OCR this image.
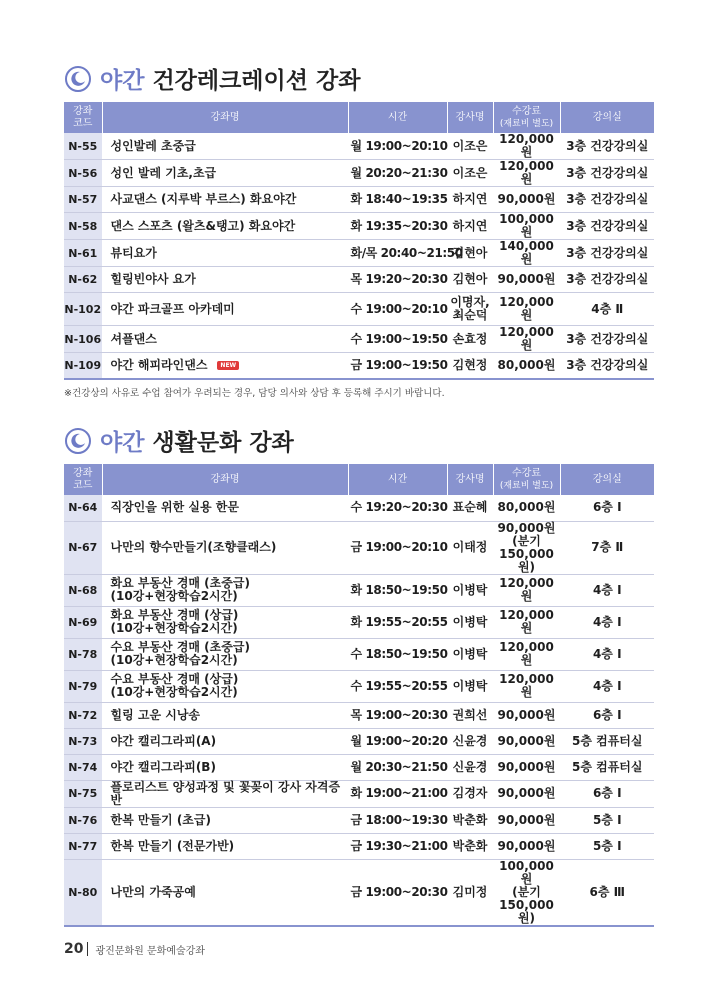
야간 건강레크레이션 강좌
강좌 코드	강좌명	시간	강사명	수강료
(재료비 별도)	강의실
N-55	성인발레 초중급	월 19:00~20:10	이조은	120,000원	3층 건강강의실
N-56	성인 발레 기초,초급	월 20:20~21:30	이조은	120,000원	3층 건강강의실
N-57	사교댄스 (지루박 부르스) 화요야간	화 18:40~19:35	하지연	90,000원	3층 건강강의실
N-58	댄스 스포츠 (왈츠&탱고) 화요야간	화 19:35~20:30	하지연	100,000원	3층 건강강의실
N-61	뷰티요가	화/목 20:40~21:50	김현아	140,000원	3층 건강강의실
N-62	힐링빈야사 요가	목 19:20~20:30	김현아	90,000원	3층 건강강의실
N-102	야간 파크골프 아카데미	수 19:00~20:10	이명자,
최순덕	120,000원	4층 Ⅱ
N-106	셔플댄스	수 19:00~19:50	손효정	120,000원	3층 건강강의실
N-109	야간 해피라인댄스 NEW	금 19:00~19:50	김현정	80,000원	3층 건강강의실
※건강상의 사유로 수업 참여가 우려되는 경우, 담당 의사와 상담 후 등록해 주시기 바랍니다.
야간 생활문화 강좌
강좌 코드	강좌명	시간	강사명	수강료
(재료비 별도)	강의실
N-64	직장인을 위한 실용 한문	수 19:20~20:30	표순혜	80,000원	6층 Ⅰ
N-67	나만의 향수만들기(조향클래스)	금 19:00~20:10	이태정	90,000원
(분기
150,000원)	7층 Ⅱ
N-68	화요 부동산 경매 (초중급)
(10강+현장학습2시간)	화 18:50~19:50	이병탁	120,000원	4층 Ⅰ
N-69	화요 부동산 경매 (상급)
(10강+현장학습2시간)	화 19:55~20:55	이병탁	120,000원	4층 Ⅰ
N-78	수요 부동산 경매 (초중급)
(10강+현장학습2시간)	수 18:50~19:50	이병탁	120,000원	4층 Ⅰ
N-79	수요 부동산 경매 (상급)
(10강+현장학습2시간)	수 19:55~20:55	이병탁	120,000원	4층 Ⅰ
N-72	힐링 고운 시낭송	목 19:00~20:30	권희선	90,000원	6층 Ⅰ
N-73	야간 캘리그라피(A)	월 19:00~20:20	신윤경	90,000원	5층 컴퓨터실
N-74	야간 캘리그라피(B)	월 20:30~21:50	신윤경	90,000원	5층 컴퓨터실
N-75	플로리스트 양성과정 및 꽃꽂이 강사 자격증반	화 19:00~21:00	김경자	90,000원	6층 Ⅰ
N-76	한복 만들기 (초급)	금 18:00~19:30	박춘화	90,000원	5층 Ⅰ
N-77	한복 만들기 (전문가반)	금 19:30~21:00	박춘화	90,000원	5층 Ⅰ
N-80	나만의 가죽공예	금 19:00~20:30	김미정	100,000원
(분기
150,000원)	6층 Ⅲ
20 광진문화원 문화예술강좌
